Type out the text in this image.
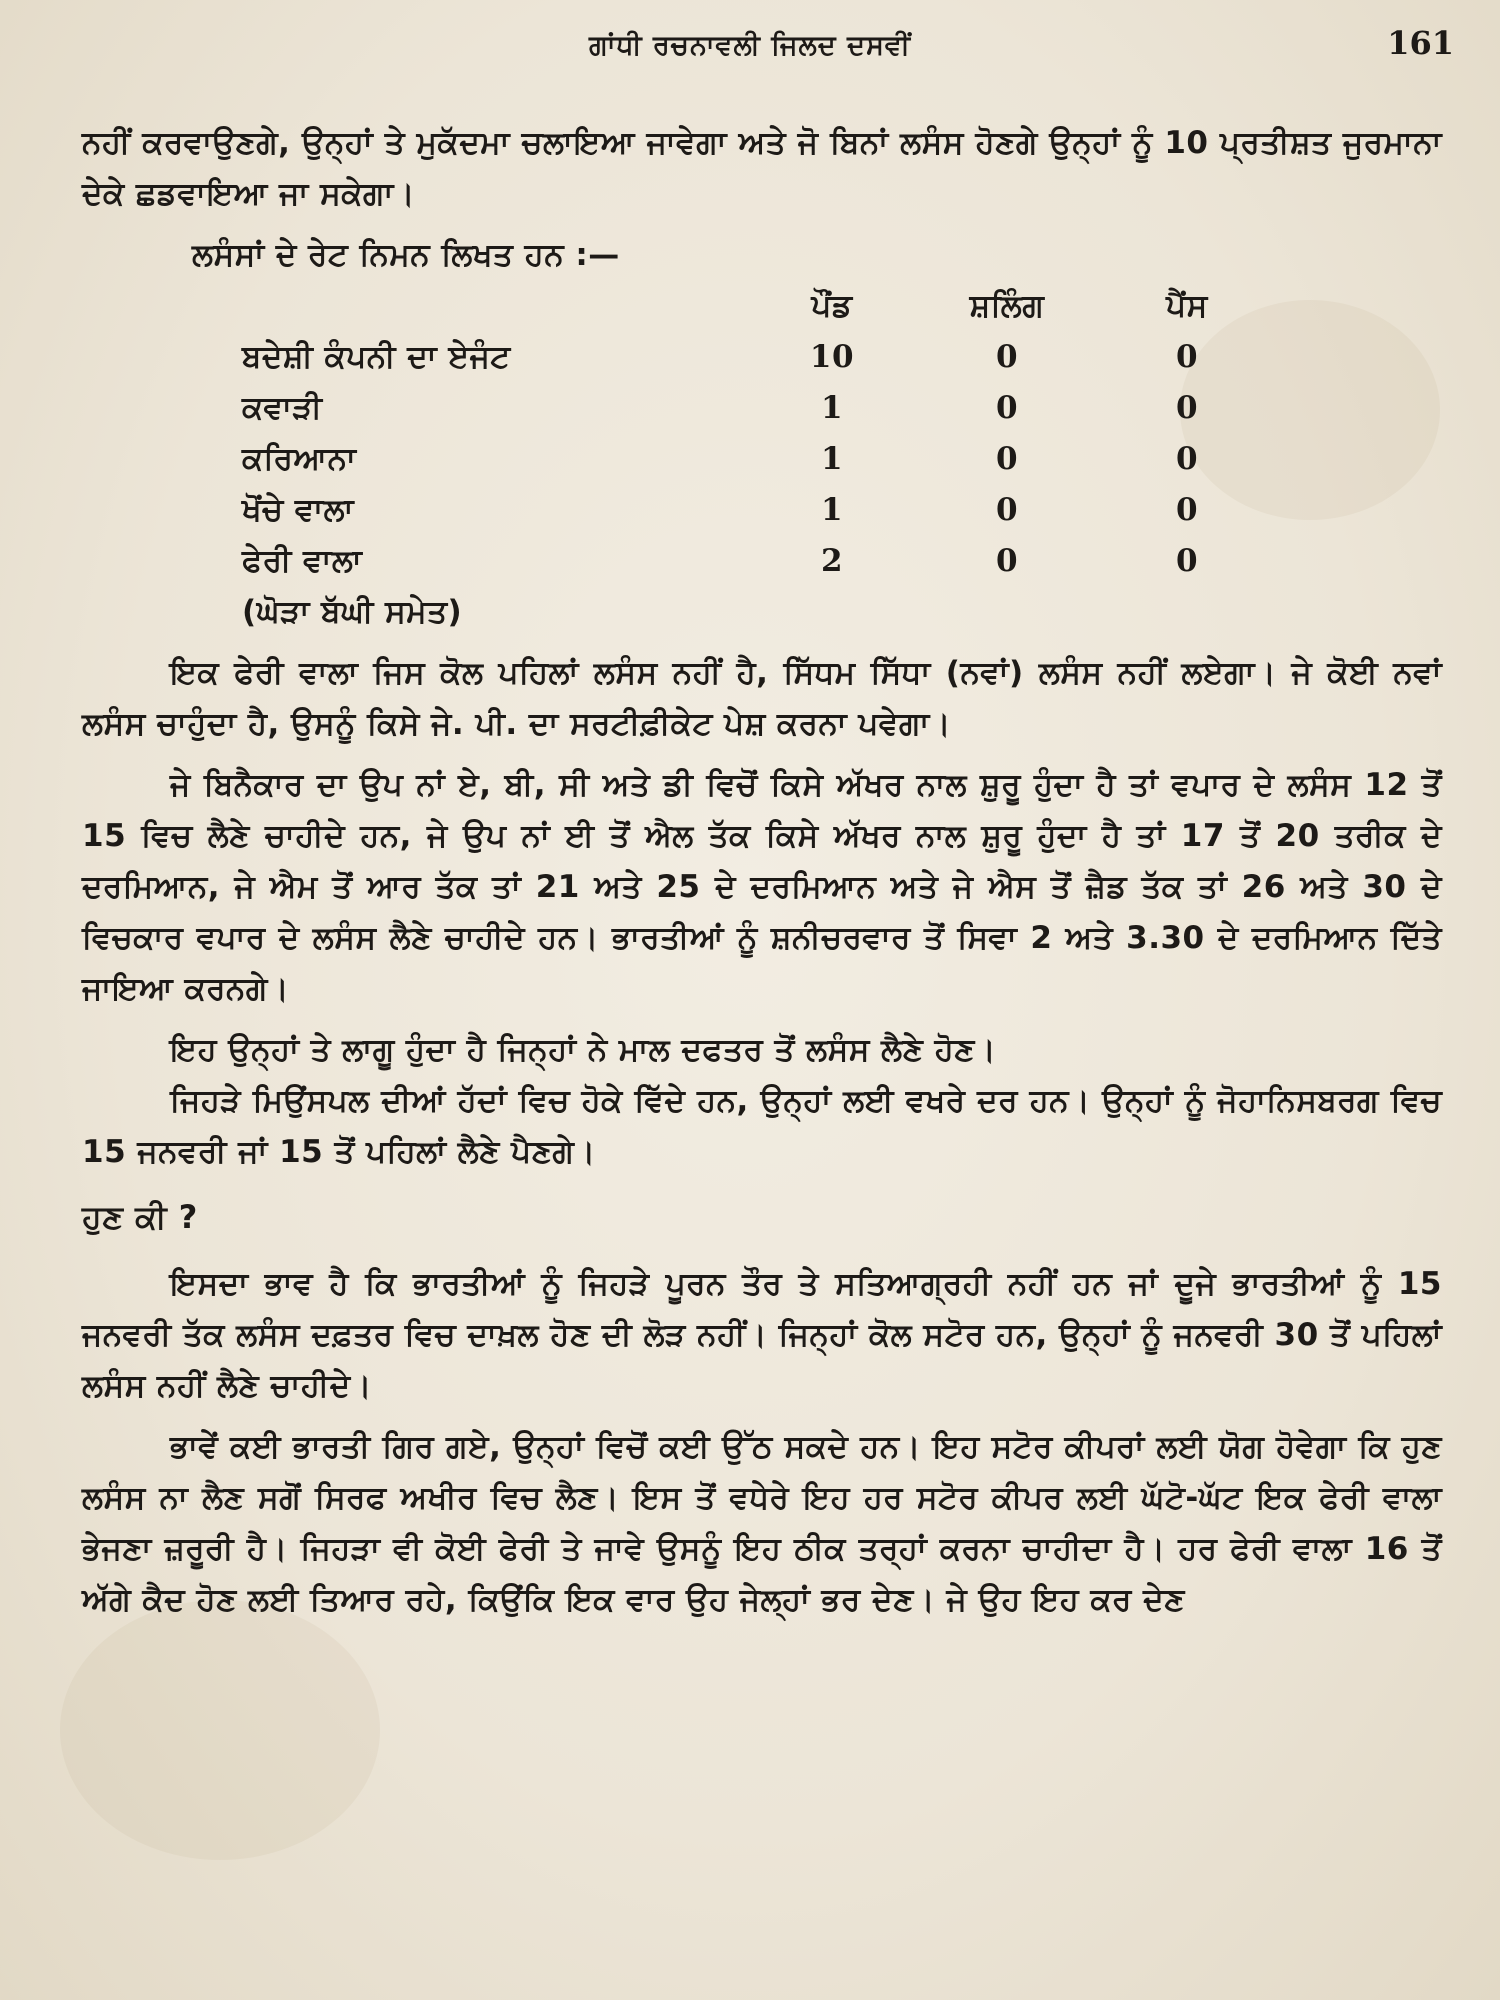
ਗਾਂਧੀ ਰਚਨਾਵਲੀ ਜਿਲਦ ਦਸਵੀਂ	161

ਨਹੀਂ ਕਰਵਾਉਣਗੇ, ਉਨ੍ਹਾਂ ਤੇ ਮੁਕੱਦਮਾ ਚਲਾਇਆ ਜਾਵੇਗਾ ਅਤੇ ਜੋ ਬਿਨਾਂ ਲਸੰਸ ਹੋਣਗੇ ਉਨ੍ਹਾਂ ਨੂੰ 10 ਪ੍ਰਤੀਸ਼ਤ ਜੁਰਮਾਨਾ ਦੇਕੇ ਛਡਵਾਇਆ ਜਾ ਸਕੇਗਾ।

ਲਸੰਸਾਂ ਦੇ ਰੇਟ ਨਿਮਨ ਲਿਖਤ ਹਨ :—

	ਪੌਂਡ	ਸ਼ਲਿੰਗ	ਪੈਂਸ
ਬਦੇਸ਼ੀ ਕੰਪਨੀ ਦਾ ਏਜੰਟ	10	0	0
ਕਵਾੜੀ	1	0	0
ਕਰਿਆਨਾ	1	0	0
ਖੋਂਚੇ ਵਾਲਾ	1	0	0
ਫੇਰੀ ਵਾਲਾ	2	0	0

(ਘੋੜਾ ਬੱਘੀ ਸਮੇਤ)

ਇਕ ਫੇਰੀ ਵਾਲਾ ਜਿਸ ਕੋਲ ਪਹਿਲਾਂ ਲਸੰਸ ਨਹੀਂ ਹੈ, ਸਿੱਧਮ ਸਿੱਧਾ (ਨਵਾਂ) ਲਸੰਸ ਨਹੀਂ ਲਏਗਾ। ਜੇ ਕੋਈ ਨਵਾਂ ਲਸੰਸ ਚਾਹੁੰਦਾ ਹੈ, ਉਸਨੂੰ ਕਿਸੇ ਜੇ. ਪੀ. ਦਾ ਸਰਟੀਫ਼ੀਕੇਟ ਪੇਸ਼ ਕਰਨਾ ਪਵੇਗਾ।

ਜੇ ਬਿਨੈਕਾਰ ਦਾ ਉਪ ਨਾਂ ਏ, ਬੀ, ਸੀ ਅਤੇ ਡੀ ਵਿਚੋਂ ਕਿਸੇ ਅੱਖਰ ਨਾਲ ਸ਼ੁਰੂ ਹੁੰਦਾ ਹੈ ਤਾਂ ਵਪਾਰ ਦੇ ਲਸੰਸ 12 ਤੋਂ 15 ਵਿਚ ਲੈਣੇ ਚਾਹੀਦੇ ਹਨ, ਜੇ ਉਪ ਨਾਂ ਈ ਤੋਂ ਐਲ ਤੱਕ ਕਿਸੇ ਅੱਖਰ ਨਾਲ ਸ਼ੁਰੂ ਹੁੰਦਾ ਹੈ ਤਾਂ 17 ਤੋਂ 20 ਤਰੀਕ ਦੇ ਦਰਮਿਆਨ, ਜੇ ਐਮ ਤੋਂ ਆਰ ਤੱਕ ਤਾਂ 21 ਅਤੇ 25 ਦੇ ਦਰਮਿਆਨ ਅਤੇ ਜੇ ਐਸ ਤੋਂ ਜ਼ੈਡ ਤੱਕ ਤਾਂ 26 ਅਤੇ 30 ਦੇ ਵਿਚਕਾਰ ਵਪਾਰ ਦੇ ਲਸੰਸ ਲੈਣੇ ਚਾਹੀਦੇ ਹਨ। ਭਾਰਤੀਆਂ ਨੂੰ ਸ਼ਨੀਚਰਵਾਰ ਤੋਂ ਸਿਵਾ 2 ਅਤੇ 3.30 ਦੇ ਦਰਮਿਆਨ ਦਿੱਤੇ ਜਾਇਆ ਕਰਨਗੇ।

ਇਹ ਉਨ੍ਹਾਂ ਤੇ ਲਾਗੂ ਹੁੰਦਾ ਹੈ ਜਿਨ੍ਹਾਂ ਨੇ ਮਾਲ ਦਫਤਰ ਤੋਂ ਲਸੰਸ ਲੈਣੇ ਹੋਣ।

ਜਿਹੜੇ ਮਿਉਂਸਪਲ ਦੀਆਂ ਹੱਦਾਂ ਵਿਚ ਹੋਕੇ ਵਿੱਦੇ ਹਨ, ਉਨ੍ਹਾਂ ਲਈ ਵਖਰੇ ਦਰ ਹਨ। ਉਨ੍ਹਾਂ ਨੂੰ ਜੋਹਾਨਿਸਬਰਗ ਵਿਚ 15 ਜਨਵਰੀ ਜਾਂ 15 ਤੋਂ ਪਹਿਲਾਂ ਲੈਣੇ ਪੈਣਗੇ।

ਹੁਣ ਕੀ ?

ਇਸਦਾ ਭਾਵ ਹੈ ਕਿ ਭਾਰਤੀਆਂ ਨੂੰ ਜਿਹੜੇ ਪੂਰਨ ਤੌਰ ਤੇ ਸਤਿਆਗ੍ਰਹੀ ਨਹੀਂ ਹਨ ਜਾਂ ਦੂਜੇ ਭਾਰਤੀਆਂ ਨੂੰ 15 ਜਨਵਰੀ ਤੱਕ ਲਸੰਸ ਦਫ਼ਤਰ ਵਿਚ ਦਾਖ਼ਲ ਹੋਣ ਦੀ ਲੋੜ ਨਹੀਂ। ਜਿਨ੍ਹਾਂ ਕੋਲ ਸਟੋਰ ਹਨ, ਉਨ੍ਹਾਂ ਨੂੰ ਜਨਵਰੀ 30 ਤੋਂ ਪਹਿਲਾਂ ਲਸੰਸ ਨਹੀਂ ਲੈਣੇ ਚਾਹੀਦੇ।

ਭਾਵੇਂ ਕਈ ਭਾਰਤੀ ਗਿਰ ਗਏ, ਉਨ੍ਹਾਂ ਵਿਚੋਂ ਕਈ ਉੱਠ ਸਕਦੇ ਹਨ। ਇਹ ਸਟੋਰ ਕੀਪਰਾਂ ਲਈ ਯੋਗ ਹੋਵੇਗਾ ਕਿ ਹੁਣ ਲਸੰਸ ਨਾ ਲੈਣ ਸਗੋਂ ਸਿਰਫ ਅਖੀਰ ਵਿਚ ਲੈਣ। ਇਸ ਤੋਂ ਵਧੇਰੇ ਇਹ ਹਰ ਸਟੋਰ ਕੀਪਰ ਲਈ ਘੱਟੋ-ਘੱਟ ਇਕ ਫੇਰੀ ਵਾਲਾ ਭੇਜਣਾ ਜ਼ਰੂਰੀ ਹੈ। ਜਿਹੜਾ ਵੀ ਕੋਈ ਫੇਰੀ ਤੇ ਜਾਵੇ ਉਸਨੂੰ ਇਹ ਠੀਕ ਤਰ੍ਹਾਂ ਕਰਨਾ ਚਾਹੀਦਾ ਹੈ। ਹਰ ਫੇਰੀ ਵਾਲਾ 16 ਤੋਂ ਅੱਗੇ ਕੈਦ ਹੋਣ ਲਈ ਤਿਆਰ ਰਹੇ, ਕਿਉਂਕਿ ਇਕ ਵਾਰ ਉਹ ਜੇਲ੍ਹਾਂ ਭਰ ਦੇਣ। ਜੇ ਉਹ ਇਹ ਕਰ ਦੇਣ
